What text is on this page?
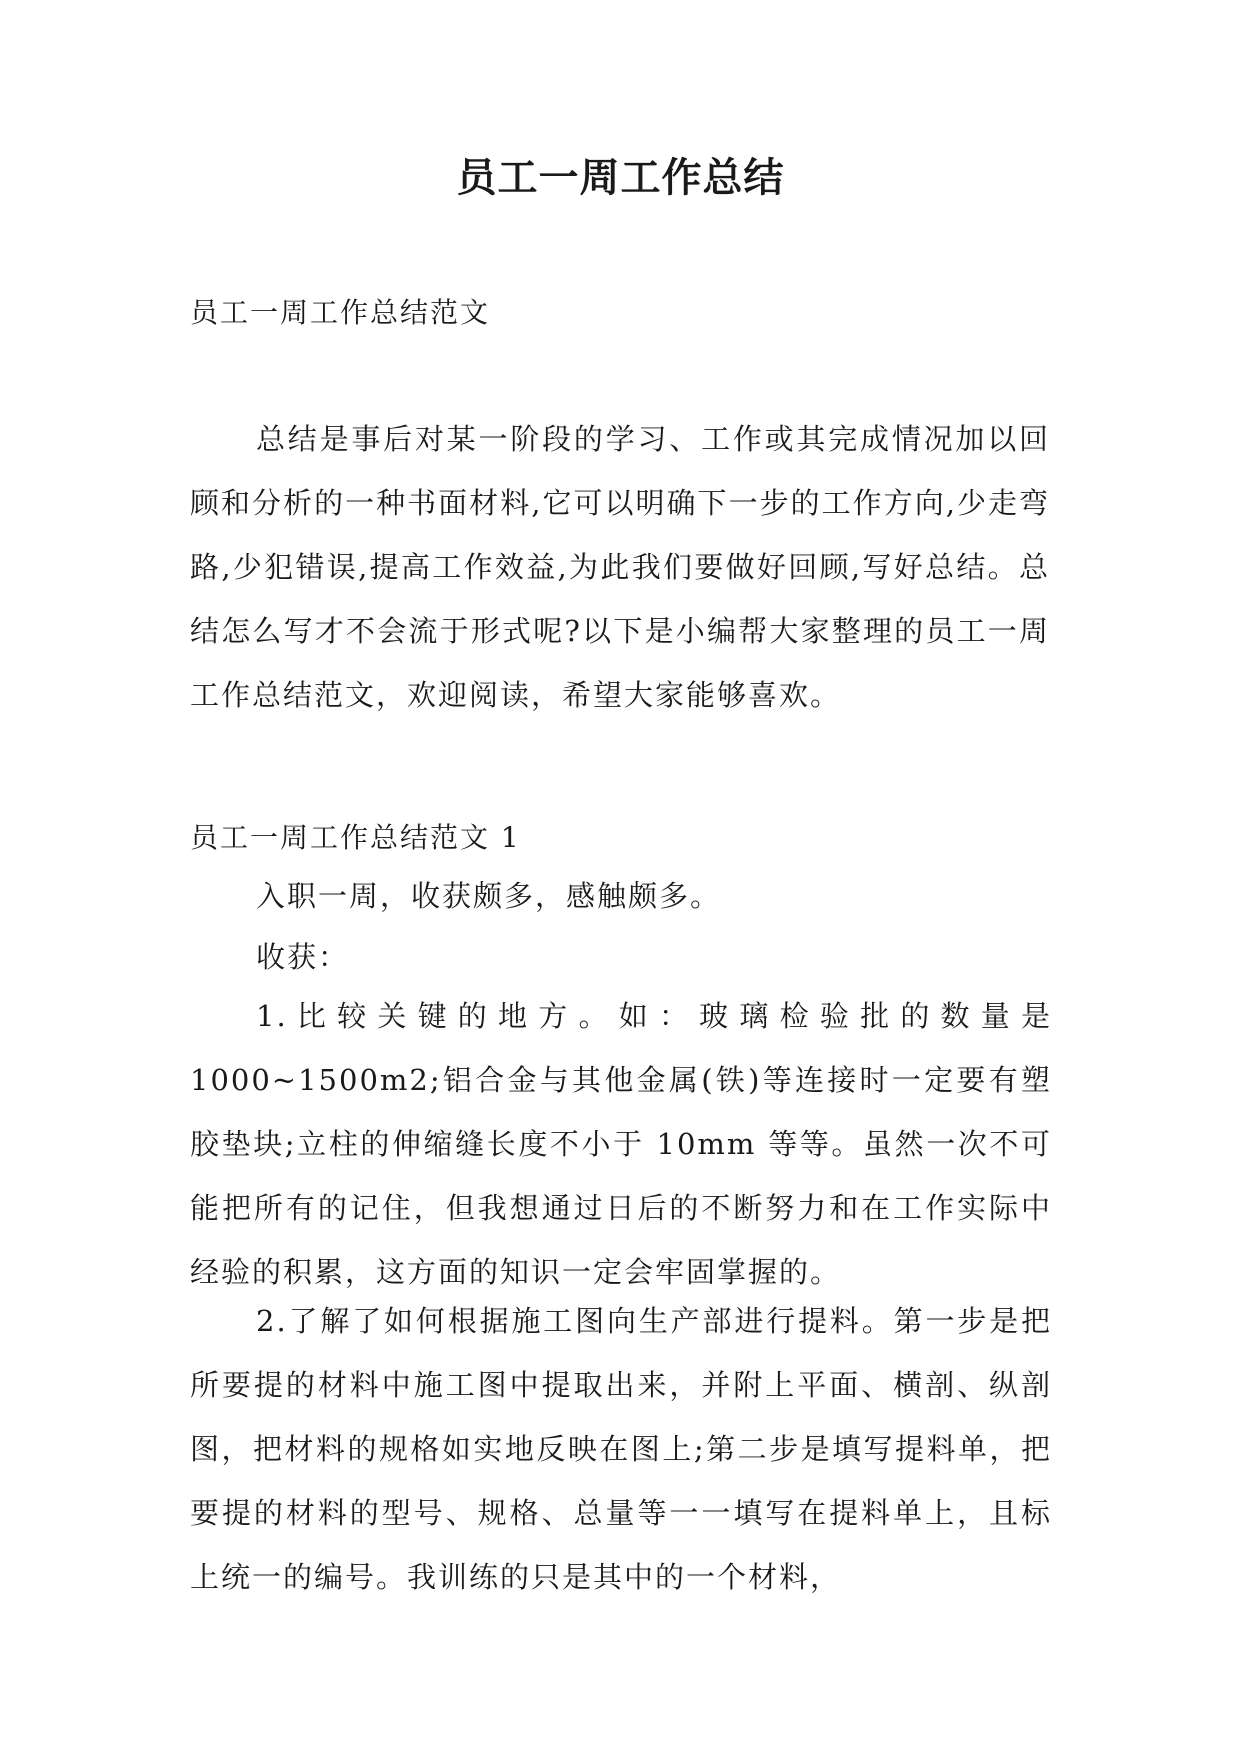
员工一周工作总结
员工一周工作总结范文
总结是事后对某一阶段的学习、工作或其完成情况加以回顾和分析的一种书面材料,它可以明确下一步的工作方向,少走弯路,少犯错误,提高工作效益,为此我们要做好回顾,写好总结。总结怎么写才不会流于形式呢?以下是小编帮大家整理的员工一周工作总结范文，欢迎阅读，希望大家能够喜欢。
员工一周工作总结范文 1
入职一周，收获颇多，感触颇多。
收获：
1.比较关键的地方。如：玻璃检验批的数量是1000~1500m2;铝合金与其他金属(铁)等连接时一定要有塑胶垫块;立柱的伸缩缝长度不小于 10mm 等等。虽然一次不可能把所有的记住，但我想通过日后的不断努力和在工作实际中经验的积累，这方面的知识一定会牢固掌握的。
2.了解了如何根据施工图向生产部进行提料。第一步是把所要提的材料中施工图中提取出来，并附上平面、横剖、纵剖图，把材料的规格如实地反映在图上;第二步是填写提料单，把要提的材料的型号、规格、总量等一一填写在提料单上，且标上统一的编号。我训练的只是其中的一个材料，
